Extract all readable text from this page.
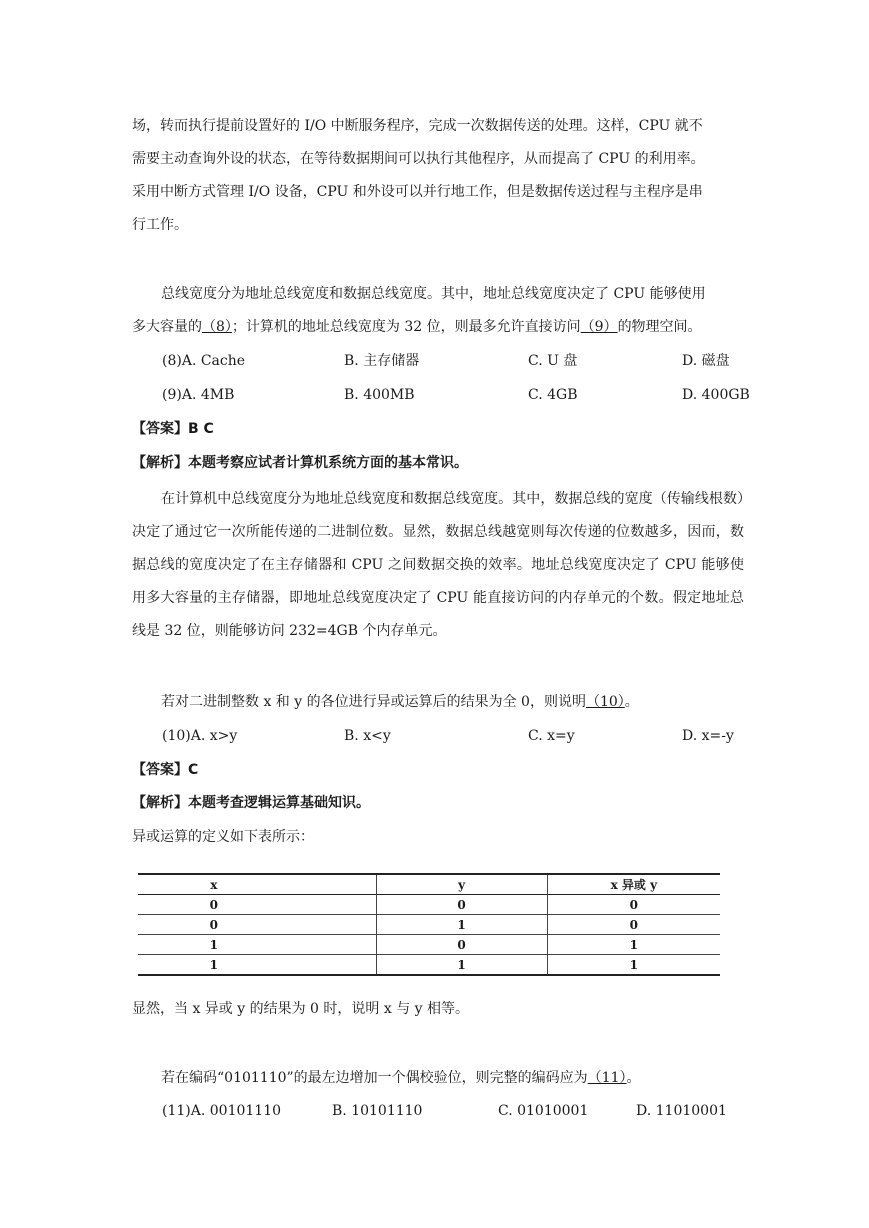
场，转而执行提前设置好的 I/O 中断服务程序，完成一次数据传送的处理。这样，CPU 就不
需要主动查询外设的状态，在等待数据期间可以执行其他程序，从而提高了 CPU 的利用率。
采用中断方式管理 I/O 设备，CPU 和外设可以并行地工作，但是数据传送过程与主程序是串
行工作。
总线宽度分为地址总线宽度和数据总线宽度。其中，地址总线宽度决定了 CPU 能够使用
多大容量的（8）；计算机的地址总线宽度为 32 位，则最多允许直接访问（9）的物理空间。
(8)A. Cache	B. 主存储器	C. U 盘	D. 磁盘
(9)A. 4MB	B. 400MB	C. 4GB	D. 400GB
【答案】B C
【解析】本题考察应试者计算机系统方面的基本常识。
在计算机中总线宽度分为地址总线宽度和数据总线宽度。其中，数据总线的宽度（传输线根数）决定了通过它一次所能传递的二进制位数。显然，数据总线越宽则每次传递的位数越多，因而，数据总线的宽度决定了在主存储器和 CPU 之间数据交换的效率。地址总线宽度决定了 CPU 能够使用多大容量的主存储器，即地址总线宽度决定了 CPU 能直接访问的内存单元的个数。假定地址总线是 32 位，则能够访问 232=4GB 个内存单元。
若对二进制整数 x 和 y 的各位进行异或运算后的结果为全 0，则说明（10）。
(10)A. x>y	B. x<y	C. x=y	D. x=-y
【答案】C
【解析】本题考查逻辑运算基础知识。
异或运算的定义如下表所示：
x	y	x 异或 y
0	0	0
0	1	0
1	0	1
1	1	1
显然，当 x 异或 y 的结果为 0 时，说明 x 与 y 相等。
若在编码“0101110”的最左边增加一个偶校验位，则完整的编码应为（11）。
(11)A. 00101110	B. 10101110	C. 01010001	D. 11010001
